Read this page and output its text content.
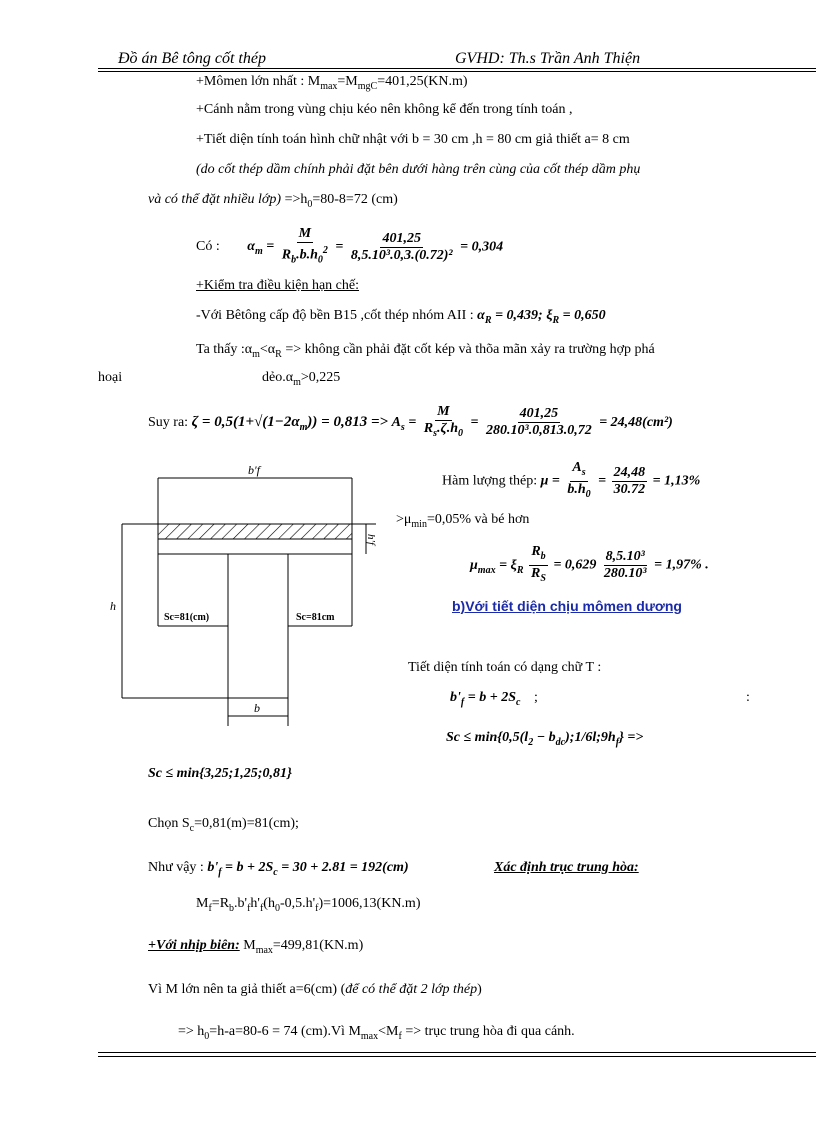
Đồ án Bê tông cốt thép	GVHD: Th.s Trần Anh Thiện
+Mômen lớn nhất : $M_{max}=M_{mgC}=401,25(KN.m)$
+Cánh nằm trong vùng chịu kéo nên không kể đến trong tính toán ,
+Tiết diện tính toán hình chữ nhật với b = 30 cm ,h = 80 cm giả thiết a= 8 cm
(do cốt thép dầm chính phải đặt bên dưới hàng trên cùng của cốt thép dầm phụ
và có thể đặt nhiều lớp) $=>h_0=80-8=72$ (cm)
Có : $\alpha_m = \frac{M}{R_b.b.h_0^2} = \frac{401,25}{\text{8,5.10³.0,3.(0.72)²}} = 0,304$
+Kiểm tra điều kiện hạn chế:
-Với Bêtông cấp độ bền B15 ,cốt thép nhóm AII : $\alpha_R = 0,439$; $\xi_R = 0,650$
Ta thấy $:\alpha_m<\alpha_R$ => không cần phải đặt cốt kép và thõa mãn xảy ra trường hợp phá
hoại	$dẻo.\alpha_m>0,225$
Suy ra: $\zeta = 0,5(1+√(1-2\alpha_m)) = 0,813 => A_s = \frac{M}{R_s.\zeta.h_0} = \frac{401,25}{\text{280.10³.0,813.0,72}} = 24,48(cm^2)$
b'f
h'f
Sc=81(cm)	Sc=81cm
h
b
Hàm lượng thép: $\mu = \frac{A_s}{b.h_0} = \frac{24,48}{30.72} = 1,13\%$
$>\mu_{min}=0,05\%$ và bé hơn
$\mu_{max} = \xi_R \frac{R_b}{R_S} = 0,629 \frac{\text{8,5.10³}}{\text{280.10³}} = 1,97\%$ .
b)Với tiết diện chịu mômen dương
Tiết diện tính toán có dạng chữ T :
$b'_f = b + 2S_c$ ;	:
$Sc \le \min\{0,5(l_2$ − $b_{dc});1/6l;9h_f$} =>
Sc ≤ min{3,25;1,25;0,81}
Chọn $S_c=0,81(m)=81(cm)$;
Như vậy : $b'_f = b + 2S_c = 30 + 2.81 = 192(cm)$	Xác định trục trung hòa:
$M_f=R_b.b'_fh'_f(h_0-0,5.h'_f)=1006,13(KN.m)$
+Với nhịp biên: $M_{max}=499,81(KN.m)$
Vì M lớn nên ta giả thiết a=6(cm) (để có thể đặt 2 lớp thép)
=> $h_0=h-a=80-6 = 74$ (cm).Vì $M_{max}<M_f$ => trục trung hòa đi qua cánh.
